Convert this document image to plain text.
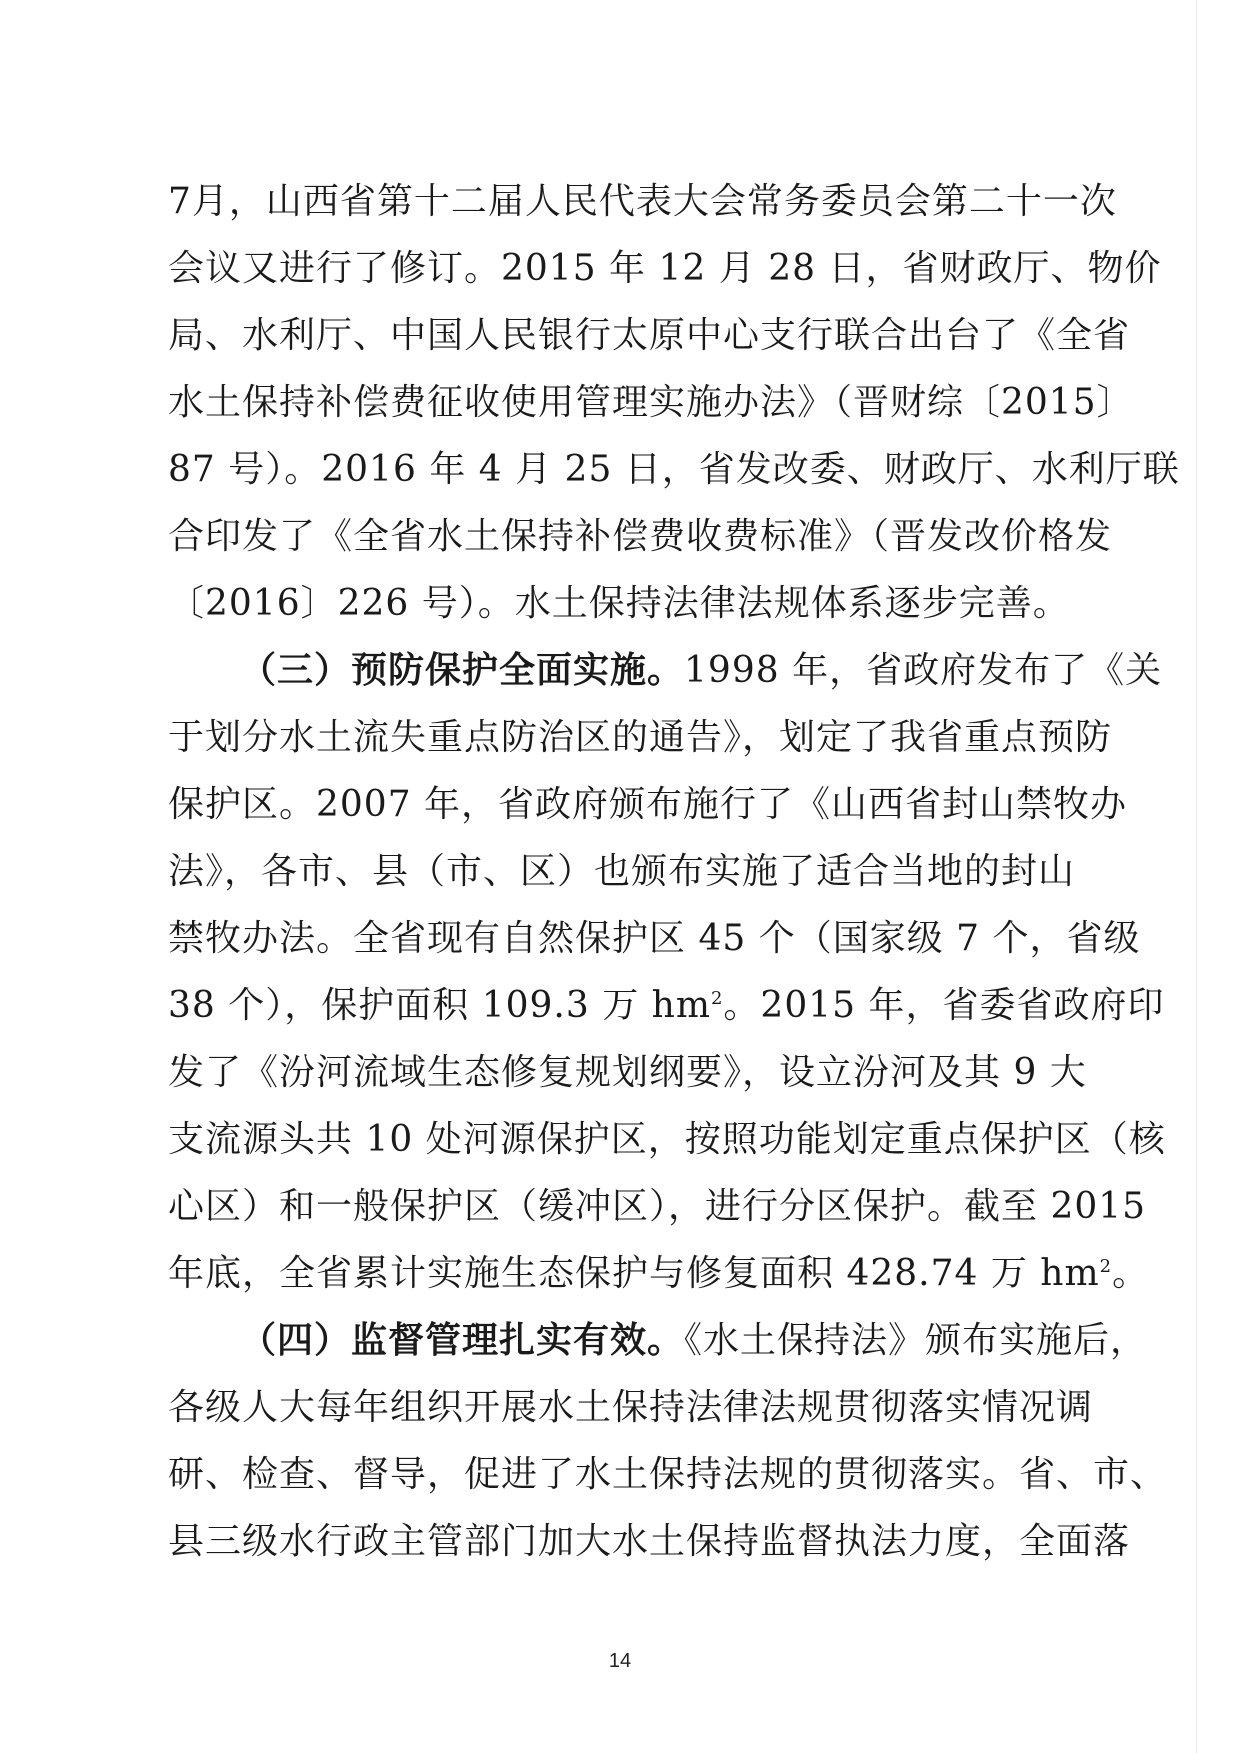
7月，山西省第十二届人民代表大会常务委员会第二十一次
会议又进行了修订。2015 年 12 月 28 日，省财政厅、物价
局、水利厅、中国人民银行太原中心支行联合出台了《全省
水土保持补偿费征收使用管理实施办法》（晋财综〔2015〕
87 号）。2016 年 4 月 25 日，省发改委、财政厅、水利厅联
合印发了《全省水土保持补偿费收费标准》（晋发改价格发
〔2016〕226 号）。水土保持法律法规体系逐步完善。
（三）预防保护全面实施。1998 年，省政府发布了《关
于划分水土流失重点防治区的通告》，划定了我省重点预防
保护区。2007 年，省政府颁布施行了《山西省封山禁牧办
法》，各市、县（市、区）也颁布实施了适合当地的封山
禁牧办法。全省现有自然保护区 45 个（国家级 7 个，省级
38 个），保护面积 109.3 万 $hm^2$。2015 年，省委省政府印
发了《汾河流域生态修复规划纲要》，设立汾河及其 9 大
支流源头共 10 处河源保护区，按照功能划定重点保护区（核
心区）和一般保护区（缓冲区），进行分区保护。截至 2015
年底，全省累计实施生态保护与修复面积 428.74 万 $hm^2$。
（四）监督管理扎实有效。《水土保持法》颁布实施后，
各级人大每年组织开展水土保持法律法规贯彻落实情况调
研、检查、督导，促进了水土保持法规的贯彻落实。省、市、
县三级水行政主管部门加大水土保持监督执法力度，全面落
14
